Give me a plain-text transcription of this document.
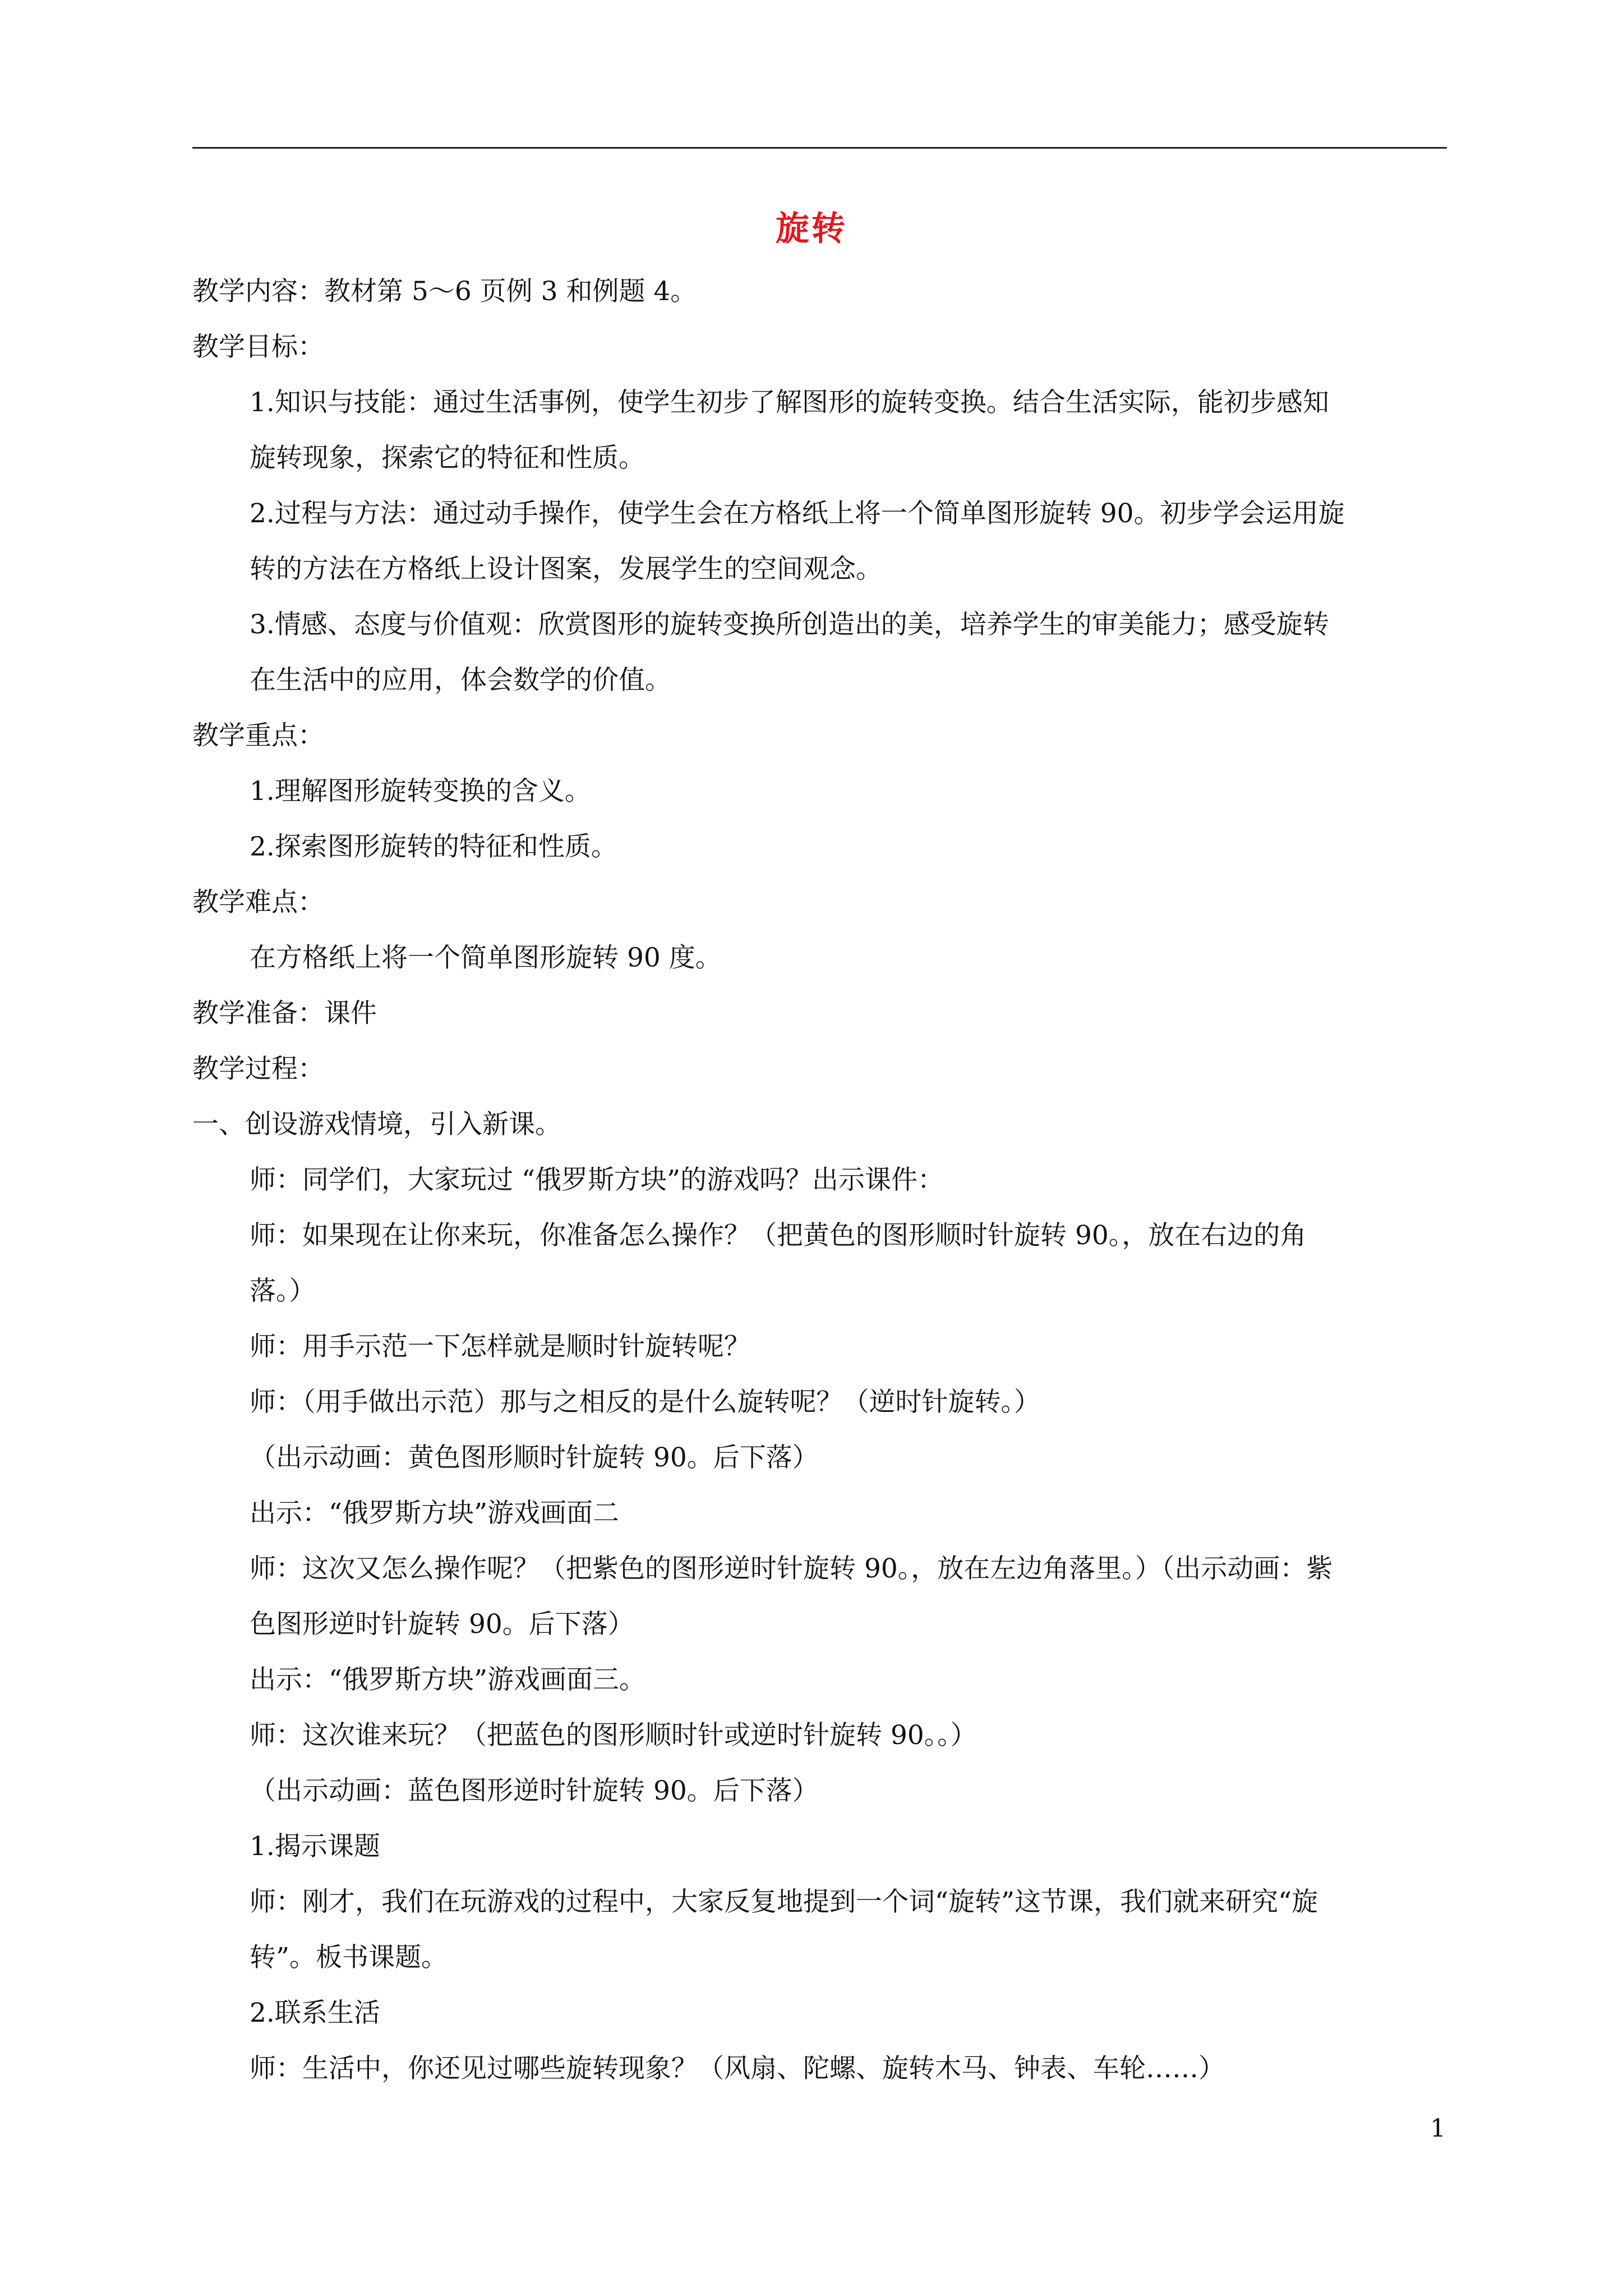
旋转
教学内容：教材第 5～6 页例 3 和例题 4。
教学目标：
1.知识与技能：通过生活事例，使学生初步了解图形的旋转变换。结合生活实际，能初步感知
旋转现象，探索它的特征和性质。
2.过程与方法：通过动手操作，使学生会在方格纸上将一个简单图形旋转 90。初步学会运用旋
转的方法在方格纸上设计图案，发展学生的空间观念。
3.情感、态度与价值观：欣赏图形的旋转变换所创造出的美，培养学生的审美能力；感受旋转
在生活中的应用，体会数学的价值。
教学重点：
1.理解图形旋转变换的含义。
2.探索图形旋转的特征和性质。
教学难点：
在方格纸上将一个简单图形旋转 90 度。
教学准备：课件
教学过程：
一、创设游戏情境，引入新课。
师：同学们，大家玩过 “俄罗斯方块”的游戏吗？出示课件：
师：如果现在让你来玩，你准备怎么操作？（把黄色的图形顺时针旋转 90。，放在右边的角
落。）
师：用手示范一下怎样就是顺时针旋转呢？
师：（用手做出示范）那与之相反的是什么旋转呢？（逆时针旋转。）
（出示动画：黄色图形顺时针旋转 90。后下落）
出示：“俄罗斯方块”游戏画面二
师：这次又怎么操作呢？（把紫色的图形逆时针旋转 90。，放在左边角落里。）（出示动画：紫
色图形逆时针旋转 90。后下落）
出示：“俄罗斯方块”游戏画面三。
师：这次谁来玩？（把蓝色的图形顺时针或逆时针旋转 90。。）
（出示动画：蓝色图形逆时针旋转 90。后下落）
1.揭示课题
师：刚才，我们在玩游戏的过程中，大家反复地提到一个词“旋转”这节课，我们就来研究“旋
转”。板书课题。
2.联系生活
师：生活中，你还见过哪些旋转现象？（风扇、陀螺、旋转木马、钟表、车轮……）
1
